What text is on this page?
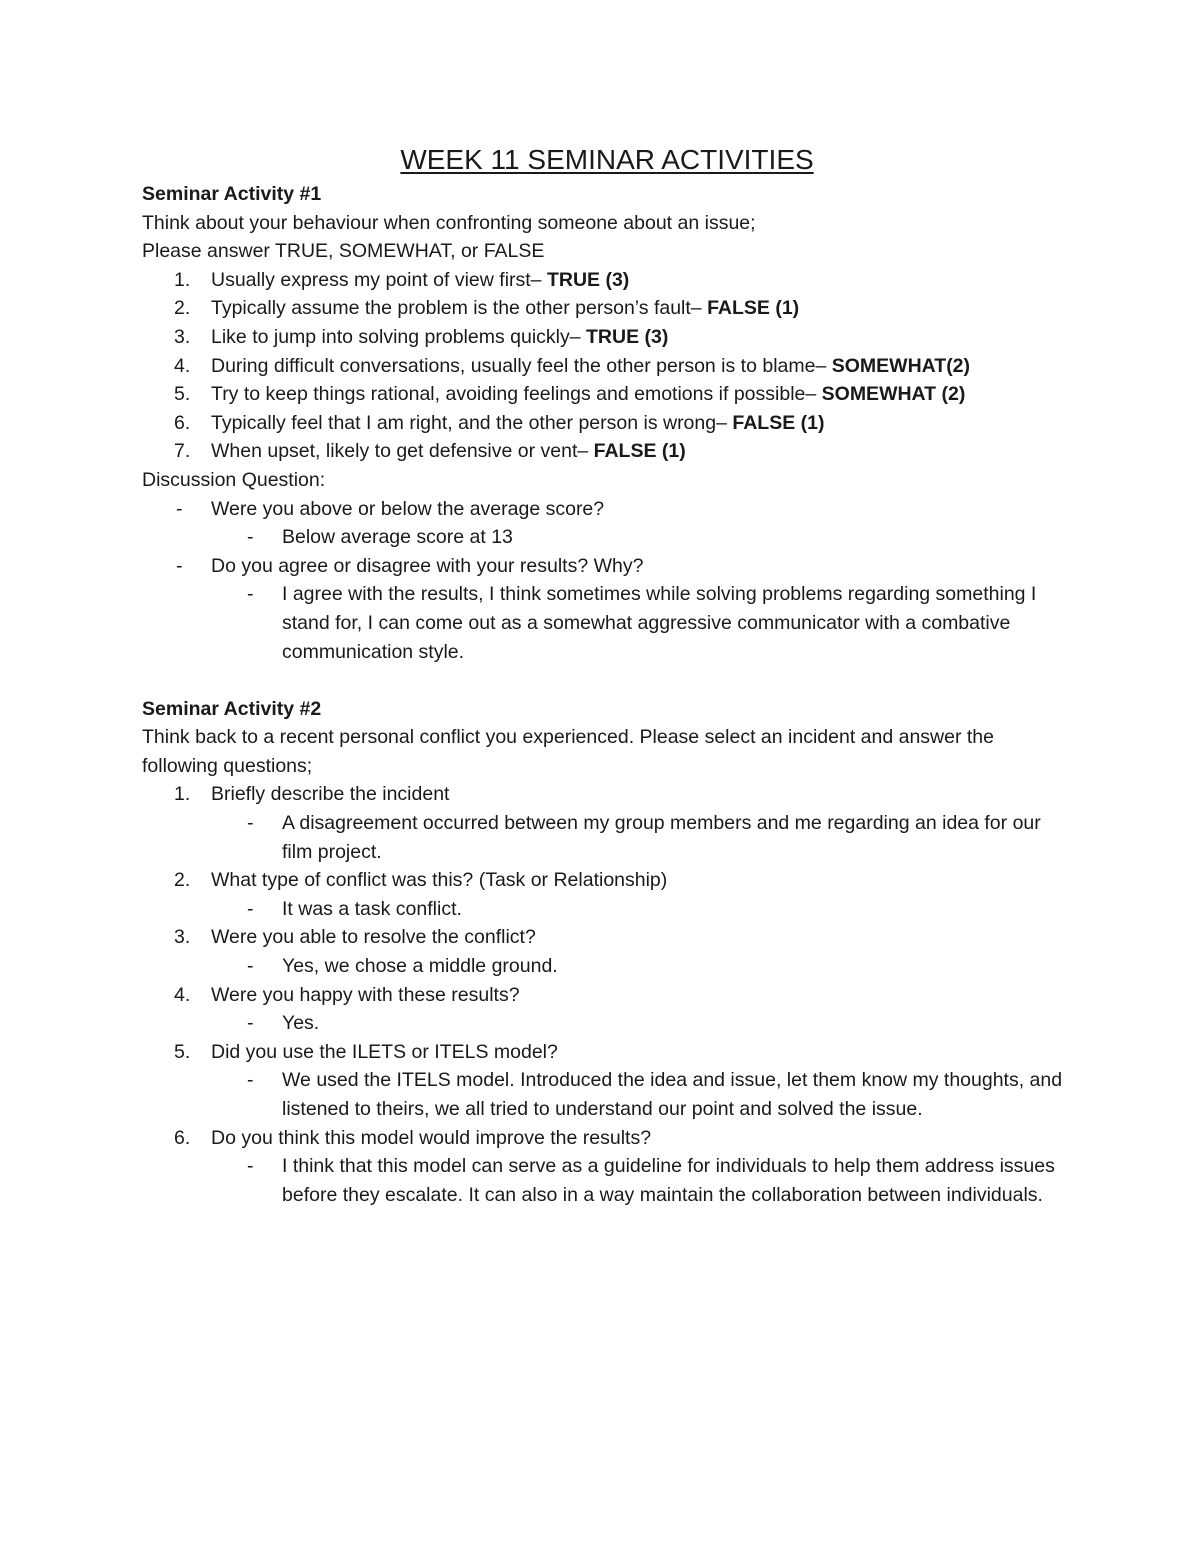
WEEK 11 SEMINAR ACTIVITIES
Seminar Activity #1
Think about your behaviour when confronting someone about an issue;
Please answer TRUE, SOMEWHAT, or FALSE
1. Usually express my point of view first– TRUE (3)
2. Typically assume the problem is the other person’s fault– FALSE (1)
3. Like to jump into solving problems quickly– TRUE (3)
4. During difficult conversations, usually feel the other person is to blame– SOMEWHAT(2)
5. Try to keep things rational, avoiding feelings and emotions if possible– SOMEWHAT (2)
6. Typically feel that I am right, and the other person is wrong– FALSE (1)
7. When upset, likely to get defensive or vent– FALSE (1)
Discussion Question:
- Were you above or below the average score?
- Below average score at 13
- Do you agree or disagree with your results? Why?
- I agree with the results, I think sometimes while solving problems regarding something I stand for, I can come out as a somewhat aggressive communicator with a combative communication style.
Seminar Activity #2
Think back to a recent personal conflict you experienced. Please select an incident and answer the following questions;
1. Briefly describe the incident
- A disagreement occurred between my group members and me regarding an idea for our film project.
2. What type of conflict was this? (Task or Relationship)
- It was a task conflict.
3. Were you able to resolve the conflict?
- Yes, we chose a middle ground.
4. Were you happy with these results?
- Yes.
5. Did you use the ILETS or ITELS model?
- We used the ITELS model. Introduced the idea and issue, let them know my thoughts, and listened to theirs, we all tried to understand our point and solved the issue.
6. Do you think this model would improve the results?
- I think that this model can serve as a guideline for individuals to help them address issues before they escalate. It can also in a way maintain the collaboration between individuals.
